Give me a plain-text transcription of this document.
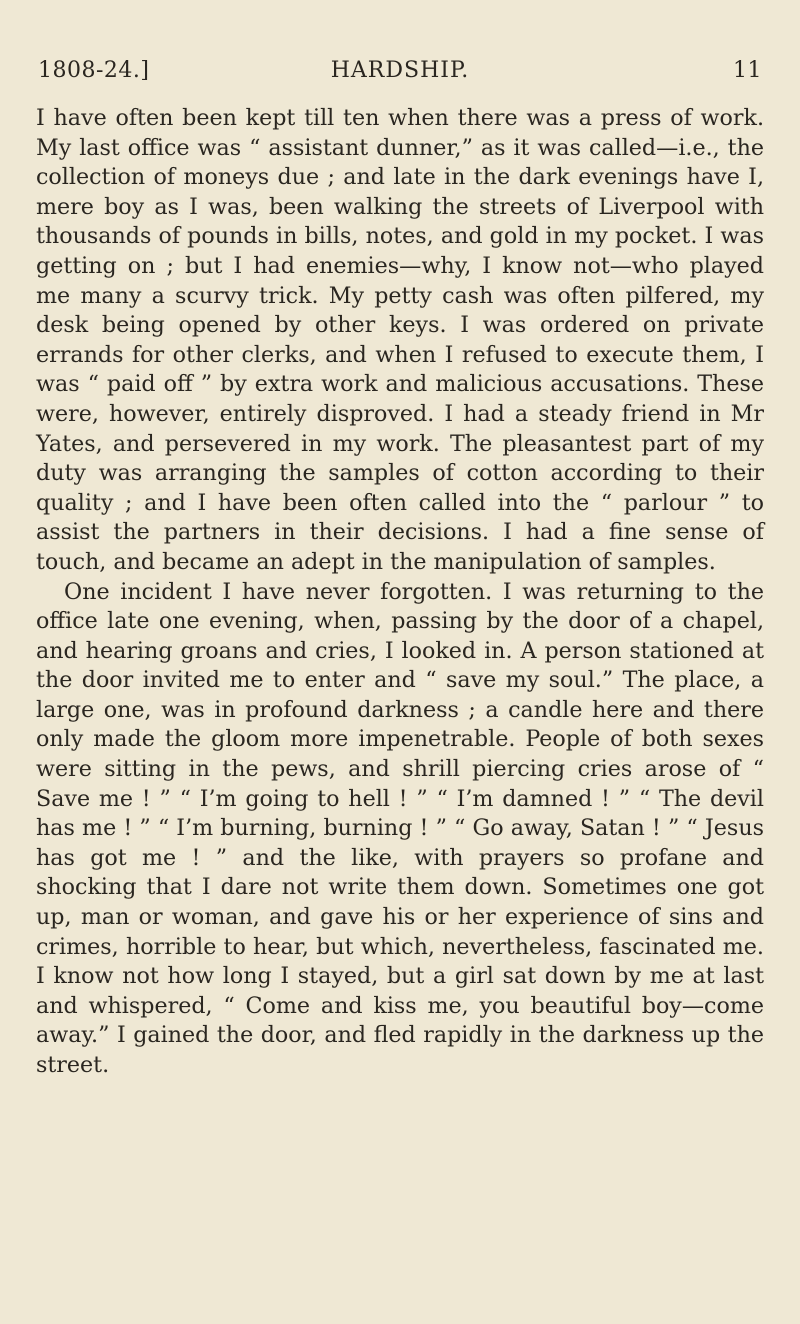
1808-24.]	HARDSHIP.	11

I have often been kept till ten when there was a press of work. My last office was “ assistant dunner,” as it was called—i.e., the collection of moneys due ; and late in the dark evenings have I, mere boy as I was, been walking the streets of Liverpool with thousands of pounds in bills, notes, and gold in my pocket. I was getting on ; but I had enemies—why, I know not—who played me many a scurvy trick. My petty cash was often pilfered, my desk being opened by other keys. I was ordered on private errands for other clerks, and when I refused to execute them, I was “ paid off ” by extra work and malicious accusations. These were, however, entirely disproved. I had a steady friend in Mr Yates, and persevered in my work. The pleasantest part of my duty was arranging the samples of cotton according to their quality ; and I have been often called into the “ parlour ” to assist the partners in their decisions. I had a fine sense of touch, and became an adept in the manipulation of samples.

One incident I have never forgotten. I was returning to the office late one evening, when, passing by the door of a chapel, and hearing groans and cries, I looked in. A person stationed at the door invited me to enter and “ save my soul.” The place, a large one, was in profound darkness ; a candle here and there only made the gloom more impenetrable. People of both sexes were sitting in the pews, and shrill piercing cries arose of “ Save me ! ” “ I’m going to hell ! ” “ I’m damned ! ” “ The devil has me ! ” “ I’m burning, burning ! ” “ Go away, Satan ! ” “ Jesus has got me ! ” and the like, with prayers so profane and shocking that I dare not write them down. Sometimes one got up, man or woman, and gave his or her experience of sins and crimes, horrible to hear, but which, nevertheless, fascinated me. I know not how long I stayed, but a girl sat down by me at last and whispered, “ Come and kiss me, you beautiful boy—come away.” I gained the door, and fled rapidly in the darkness up the street.
